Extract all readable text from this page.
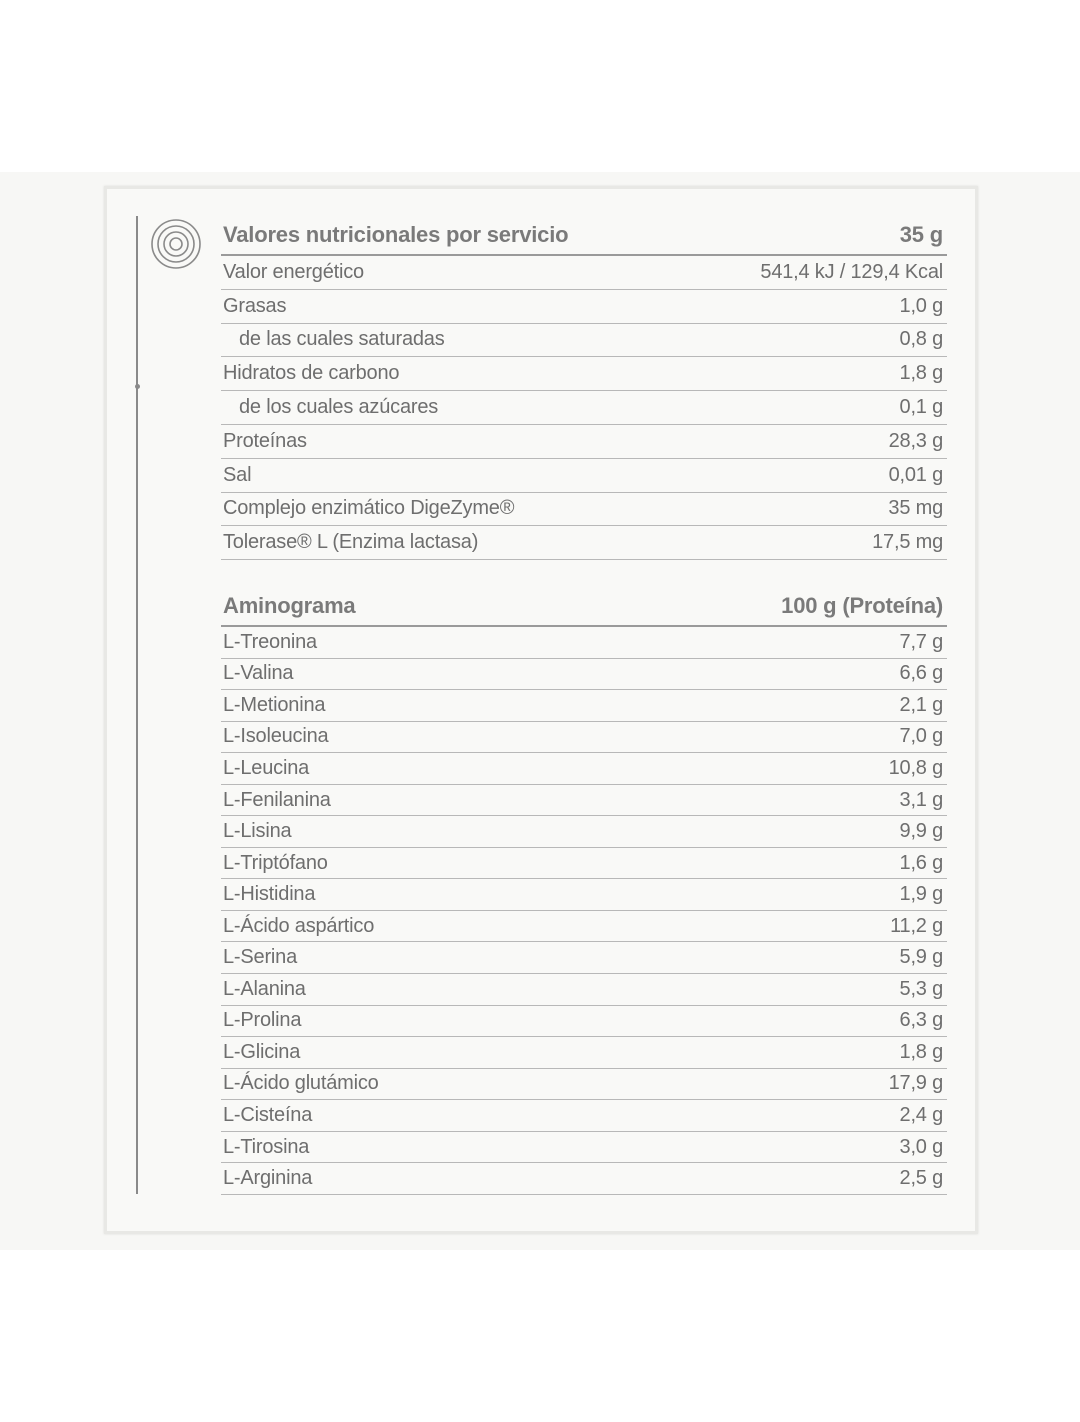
Valores nutricionales por servicio	35 g
Valor energético	541,4 kJ / 129,4 Kcal
Grasas	1,0 g
de las cuales saturadas	0,8 g
Hidratos de carbono	1,8 g
de los cuales azúcares	0,1 g
Proteínas	28,3 g
Sal	0,01 g
Complejo enzimático DigeZyme®	35 mg
Tolerase® L (Enzima lactasa)	17,5 mg
Aminograma	100 g (Proteína)
L-Treonina	7,7 g
L-Valina	6,6 g
L-Metionina	2,1 g
L-Isoleucina	7,0 g
L-Leucina	10,8 g
L-Fenilanina	3,1 g
L-Lisina	9,9 g
L-Triptófano	1,6 g
L-Histidina	1,9 g
L-Ácido aspártico	11,2 g
L-Serina	5,9 g
L-Alanina	5,3 g
L-Prolina	6,3 g
L-Glicina	1,8 g
L-Ácido glutámico	17,9 g
L-Cisteína	2,4 g
L-Tirosina	3,0 g
L-Arginina	2,5 g
